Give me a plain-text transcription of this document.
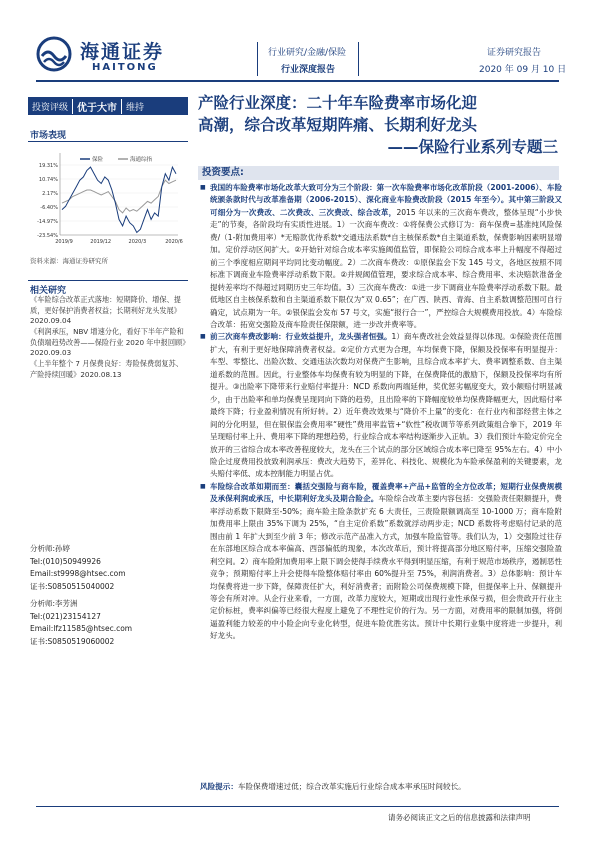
海通证券
HAITONG
行业研究/金融/保险
行业深度报告
证券研究报告
2020 年 09 月 10 日
投资评级 优于大市	维持	产险行业深度：二十年车险费率市场化迎
高潮，综合改革短期阵痛、长期利好龙头
——保险行业系列专题三
市场表现
19.31%
10.74%
2.17%
-6.40%
-14.97%
-23.54%
2019/9	2019/12	2020/3	2020/6
保险	海通综指
资料来源：海通证券研究所
相关研究

《车险综合改革正式落地：短期降价、增保、提质，更好保护消费者权益；长期利好龙头发展》2020.09.04

《利润承压，NBV 增速分化，看好下半年产险和负债端趋势改善——保险行业 2020 年中报回顾》2020.09.03

《上半年整个 7 月保费良好：寿险保费弱复苏、产险持续回暖》2020.08.13

分析师:孙婷
Tel:(010)50949926
Email:st9998@htsec.com
证书:S0850515040002
分析师:李芳洲
Tel:(021)23154127
Email:lfz11585@htsec.com
证书:S0850519060002
投资要点:

■ 我国的车险费率市场化改革大致可分为三个阶段：第一次车险费率市场化改革阶段（2001-2006）、车险统颁条款时代与改革准备期（2006-2015）、深化商业车险费改阶段（2015 年至今）。其中第三阶段又可细分为一次费改、二次费改、三次费改、综合改革，2015 年以来的三次商车费改，整体呈现“小步快走”的节奏，各阶段均有实质性进展。1）一次商车费改：①将保费公式修订为：商车保费=基准纯风险保费/（1-附加费用率）*无赔款优待系数*交通违法系数*自主核保系数*自主渠道系数，保费影响因素明显增加。定价浮动区间扩大。②开始针对综合成本率实施阈值监管，即保险公司综合成本率上升幅度不得超过前三个季度相应期间平均同比变动幅度。2）二次商车费改：①原保监会下发 145 号文，各地区按照不同标准下调商业车险费率浮动系数下限。②并规阈值管理，要求综合成本率、综合费用率、未决赔款准备金提转差率均不得超过同期历史三年均值。3）三次商车费改：①进一步下调商业车险费率浮动系数下限。最低地区自主核保系数和自主渠道系数下限仅为“双 0.65”；在广西、陕西、青海、自主系数调整范围可自行确定，试点期为一年。②银保监会发布 57 号文，实施“报行合一”，严控综合大规模费用投放。4）车险综合改革：拓宽交强险及商车险责任保限额，进一步改并费率等。

■ 前三次商车费改影响：行业效益提升，龙头强者恒强。1）商车费改社会效益显得以体现。①保险责任范围扩大，有利于更好地保障消费者权益。②定价方式更为合理，车均保费下降，保额及投保率有明显提升：车型、零整比、出险次数、交通违法次数均对保费产生影响，且综合成本率扩大、费率调整系数、自主渠道系数的范围。因此，行业整体车均保费有较为明显的下降，在保费降低的激励下，保额及投保率均有所提升。③出险率下降带来行业赔付率提升：NCD 系数向两端延伸，奖优惩劣幅度变大，致小额赔付明显减少，由于出险率和单均保费呈现同向下降的趋势，且出险率的下降幅度较单均保费降幅更大，因此赔付率最终下降；行业盈利情况有所好转。2）近年费改效果与“降价不上量”的变化：在行业内和部经营主体之间的分化明显，但在银保监会费用率“硬性”费用率监管+“软性”税收调节等系列政策组合拳下，2019 年呈现赔付率上升、费用率下降的理想趋势，行业综合成本率结构逐渐步入正轨。3）我们预计车险定价完全放开的三省综合成本率改善程度较大，龙头在三个试点的部分区域综合成本率已降至 95%左右。4）中小险企过度费用投放致利润承压：费改大趋势下，差异化、科技化、规模化为车险承保盈利的关键要素，龙头赔付率低、成本控制能力明显占优。

■ 车险综合改革如期而至：囊括交强险与商车险，覆盖费率+产品+监管的全方位改革；短期行业保费规模及承保利润或承压，中长期利好龙头及期合险企。车险综合改革主要内容包括：交强险责任限额提升，费率浮动系数下限降至-50%；商车险主险条款扩充 6 大责任，三责险限额调高至 10-1000 万；商车险附加费用率上限由 35%下调为 25%，“自主定价系数”系数就浮动两步走；NCD 系数将考虑赔付记录的范围由前 1 年扩大到至少前 3 年；修改示范产品准入方式，加强车险监管等。我们认为，1）交强险过往存在东部地区综合成本率偏高、西部偏低的现象，本次改革后，预计将提高部分地区赔付率，压缩交强险盈利空间。2）商车险附加费用率上限下调会使得手续费水平得到明显压缩，有利于规范市场秩序，遏制恶性竞争；预期赔付率上升会使得车险整体赔付率由 60%提升至 75%，利润消费者。3）总体影响：预计车均保费将进一步下降，保障责任扩大，利好消费者；而附险公司保费规模下降，但提保率上升、保额提升等会有所对冲。从企行业来看，一方面，改革力度较大，短期或出现行业性承保亏损，但会贵政开行业主定价标桩，费率纠偏等已经很大程度上避免了不理性定价的行为。另一方面，对费用率的限制加强，将倒逼盈利能力较差的中小险企向专业化转型，促进车险优胜劣汰。预计中长期行业集中度将进一步提升，利好龙头。

风险提示：车险保费增速过低；综合改革实施后行业综合成本率承压时间较长。
请务必阅读正文之后的信息披露和法律声明
